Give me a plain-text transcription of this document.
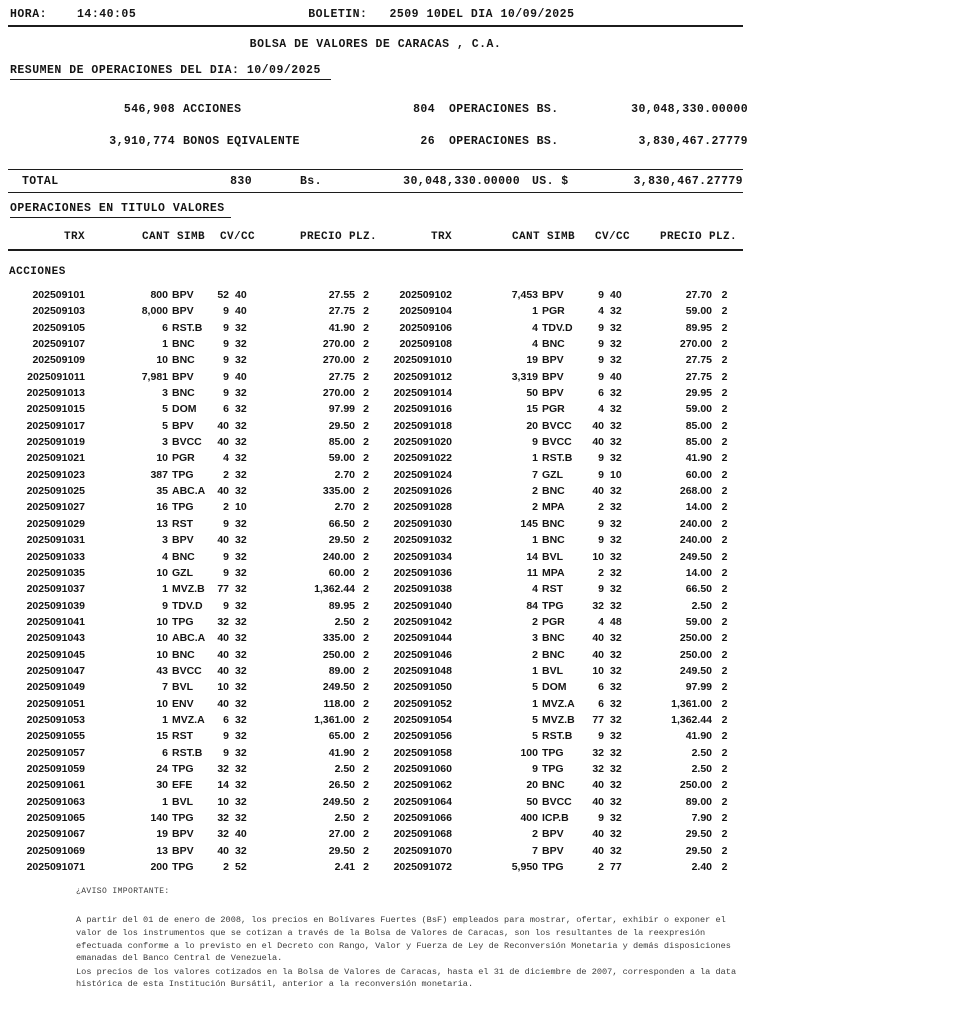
HORA:	14:40:05	BOLETIN: 2509 10DEL DIA 10/09/2025
BOLSA DE VALORES DE CARACAS , C.A.
RESUMEN DE OPERACIONES DEL DIA: 10/09/2025
546,908 ACCIONES	804	OPERACIONES BS.	30,048,330.00000
3,910,774 BONOS EQIVALENTE	26	OPERACIONES BS.	3,830,467.27779
TOTAL	830	Bs.	30,048,330.00000	US. $	3,830,467.27779
OPERACIONES EN TITULO VALORES
TRX	CANT SIMB	CV/CC	PRECIO PLZ.	TRX	CANT SIMB	CV/CC	PRECIO PLZ.
ACCIONES
202509101	800 BPV	52 40	27.55 2	202509102	7,453 BPV	9 40	27.70 2
202509103	8,000 BPV	9 40	27.75 2	202509104	1 PGR	4 32	59.00 2
202509105	6 RST.B	9 32	41.90 2	202509106	4 TDV.D	9 32	89.95 2
202509107	1 BNC	9 32	270.00 2	202509108	4 BNC	9 32	270.00 2
202509109	10 BNC	9 32	270.00 2	2025091010	19 BPV	9 32	27.75 2
2025091011	7,981 BPV	9 40	27.75 2	2025091012	3,319 BPV	9 40	27.75 2
2025091013	3 BNC	9 32	270.00 2	2025091014	50 BPV	6 32	29.95 2
2025091015	5 DOM	6 32	97.99 2	2025091016	15 PGR	4 32	59.00 2
2025091017	5 BPV	40 32	29.50 2	2025091018	20 BVCC	40 32	85.00 2
2025091019	3 BVCC	40 32	85.00 2	2025091020	9 BVCC	40 32	85.00 2
2025091021	10 PGR	4 32	59.00 2	2025091022	1 RST.B	9 32	41.90 2
2025091023	387 TPG	2 32	2.70 2	2025091024	7 GZL	9 10	60.00 2
2025091025	35 ABC.A	40 32	335.00 2	2025091026	2 BNC	40 32	268.00 2
2025091027	16 TPG	2 10	2.70 2	2025091028	2 MPA	2 32	14.00 2
2025091029	13 RST	9 32	66.50 2	2025091030	145 BNC	9 32	240.00 2
2025091031	3 BPV	40 32	29.50 2	2025091032	1 BNC	9 32	240.00 2
2025091033	4 BNC	9 32	240.00 2	2025091034	14 BVL	10 32	249.50 2
2025091035	10 GZL	9 32	60.00 2	2025091036	11 MPA	2 32	14.00 2
2025091037	1 MVZ.B	77 32	1,362.44 2	2025091038	4 RST	9 32	66.50 2
2025091039	9 TDV.D	9 32	89.95 2	2025091040	84 TPG	32 32	2.50 2
2025091041	10 TPG	32 32	2.50 2	2025091042	2 PGR	4 48	59.00 2
2025091043	10 ABC.A	40 32	335.00 2	2025091044	3 BNC	40 32	250.00 2
2025091045	10 BNC	40 32	250.00 2	2025091046	2 BNC	40 32	250.00 2
2025091047	43 BVCC	40 32	89.00 2	2025091048	1 BVL	10 32	249.50 2
2025091049	7 BVL	10 32	249.50 2	2025091050	5 DOM	6 32	97.99 2
2025091051	10 ENV	40 32	118.00 2	2025091052	1 MVZ.A	6 32	1,361.00 2
2025091053	1 MVZ.A	6 32	1,361.00 2	2025091054	5 MVZ.B	77 32	1,362.44 2
2025091055	15 RST	9 32	65.00 2	2025091056	5 RST.B	9 32	41.90 2
2025091057	6 RST.B	9 32	41.90 2	2025091058	100 TPG	32 32	2.50 2
2025091059	24 TPG	32 32	2.50 2	2025091060	9 TPG	32 32	2.50 2
2025091061	30 EFE	14 32	26.50 2	2025091062	20 BNC	40 32	250.00 2
2025091063	1 BVL	10 32	249.50 2	2025091064	50 BVCC	40 32	89.00 2
2025091065	140 TPG	32 32	2.50 2	2025091066	400 ICP.B	9 32	7.90 2
2025091067	19 BPV	32 40	27.00 2	2025091068	2 BPV	40 32	29.50 2
2025091069	13 BPV	40 32	29.50 2	2025091070	7 BPV	40 32	29.50 2
2025091071	200 TPG	2 52	2.41 2	2025091072	5,950 TPG	2 77	2.40 2
¿AVISO IMPORTANTE:
A partir del 01 de enero de 2008, los precios en Bolívares Fuertes (BsF) empleados para mostrar, ofertar, exhibir o exponer el valor de los instrumentos que se cotizan a través de la Bolsa de Valores de Caracas, son los resultantes de la reexpresión efectuada conforme a lo previsto en el Decreto con Rango, Valor y Fuerza de Ley de Reconversión Monetaria y demás disposiciones emanadas del Banco Central de Venezuela.
Los precios de los valores cotizados en la Bolsa de Valores de Caracas, hasta el 31 de diciembre de 2007, corresponden a la data histórica de esta Institución Bursátil, anterior a la reconversión monetaria.
